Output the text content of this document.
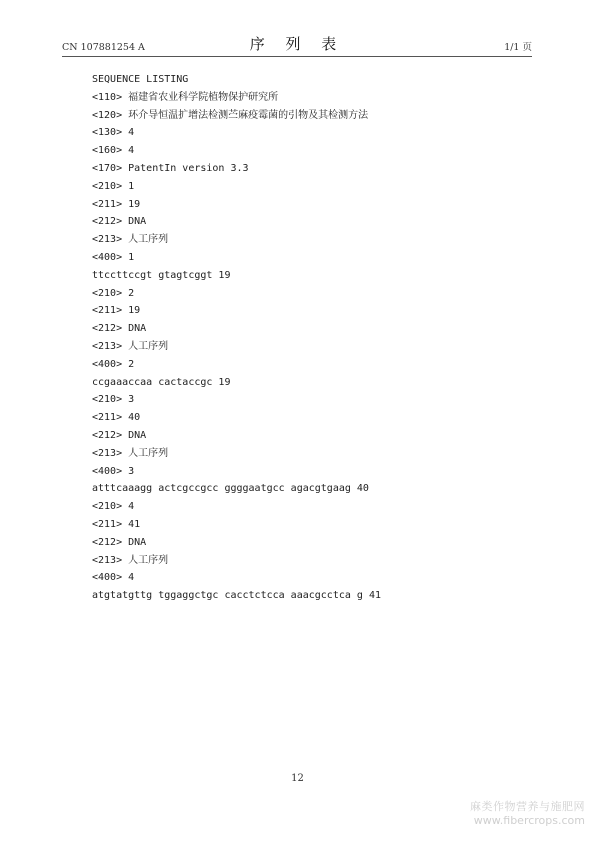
CN 107881254 A	序 列 表	1/1 页
SEQUENCE LISTING
<110> 福建省农业科学院植物保护研究所
<120> 环介导恒温扩增法检测苎麻疫霉菌的引物及其检测方法
<130> 4
<160> 4
<170> PatentIn version 3.3
<210> 1
<211> 19
<212> DNA
<213> 人工序列
<400> 1
ttccttccgt gtagtcggt 19
<210> 2
<211> 19
<212> DNA
<213> 人工序列
<400> 2
ccgaaaccaa cactaccgc 19
<210> 3
<211> 40
<212> DNA
<213> 人工序列
<400> 3
atttcaaagg actcgccgcc ggggaatgcc agacgtgaag 40
<210> 4
<211> 41
<212> DNA
<213> 人工序列
<400> 4
atgtatgttg tggaggctgc cacctctcca aaacgcctca g 41
12
麻类作物营养与施肥网
www.fibercrops.com
